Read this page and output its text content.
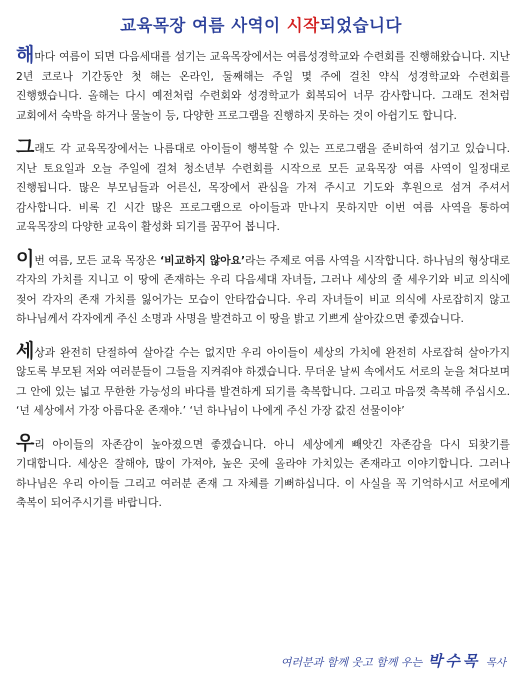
교육목장 여름 사역이 시작되었습니다

해마다 여름이 되면 다음세대를 섬기는 교육목장에서는 여름성경학교와 수련회를 진행해왔습니다. 지난 2년 코로나 기간동안 첫 해는 온라인, 둘째해는 주일 몇 주에 걸친 약식 성경학교와 수련회를 진행했습니다. 올해는 다시 예전처럼 수련회와 성경학교가 회복되어 너무 감사합니다. 그래도 전처럼 교회에서 숙박을 하거나 물놀이 등, 다양한 프로그램을 진행하지 못하는 것이 아쉽기도 합니다.

그래도 각 교육목장에서는 나름대로 아이들이 행복할 수 있는 프로그램을 준비하여 섬기고 있습니다. 지난 토요일과 오늘 주일에 걸쳐 청소년부 수련회를 시작으로 모든 교육목장 여름 사역이 일정대로 진행됩니다. 많은 부모님들과 어른신, 목장에서 관심을 가져 주시고 기도와 후원으로 섬겨 주셔서 감사합니다. 비록 긴 시간 많은 프로그램으로 아이들과 만나지 못하지만 이번 여름 사역을 통하여 교육목장의 다양한 교육이 활성화 되기를 꿈꾸어 봅니다.

이번 여름, 모든 교육 목장은 ‘비교하지 않아요’라는 주제로 여름 사역을 시작합니다. 하나님의 형상대로 각자의 가치를 지니고 이 땅에 존재하는 우리 다음세대 자녀들, 그러나 세상의 줄 세우기와 비교 의식에 젖어 각자의 존재 가치를 잃어가는 모습이 안타깝습니다. 우리 자녀들이 비교 의식에 사로잡히지 않고 하나님께서 각자에게 주신 소명과 사명을 발견하고 이 땅을 밝고 기쁘게 살아갔으면 좋겠습니다.

세상과 완전히 단절하여 살아갈 수는 없지만 우리 아이들이 세상의 가치에 완전히 사로잡혀 살아가지 않도록 부모된 저와 여러분들이 그들을 지켜줘야 하겠습니다. 무더운 날씨 속에서도 서로의 눈을 쳐다보며 그 안에 있는 넓고 무한한 가능성의 바다를 발견하게 되기를 축복합니다. 그리고 마음껏 축복해 주십시오. ‘넌 세상에서 가장 아름다운 존재야.’ ‘넌 하나님이 나에게 주신 가장 값진 선물이야’

우리 아이들의 자존감이 높아졌으면 좋겠습니다. 아니 세상에게 빼앗긴 자존감을 다시 되찾기를 기대합니다. 세상은 잘해야, 많이 가져야, 높은 곳에 올라야 가치있는 존재라고 이야기합니다. 그러나 하나님은 우리 아이들 그리고 여러분 존재 그 자체를 기뻐하십니다. 이 사실을 꼭 기억하시고 서로에게 축복이 되어주시기를 바랍니다.

여러분과 함께 웃고 함께 우는 박수목 목사
